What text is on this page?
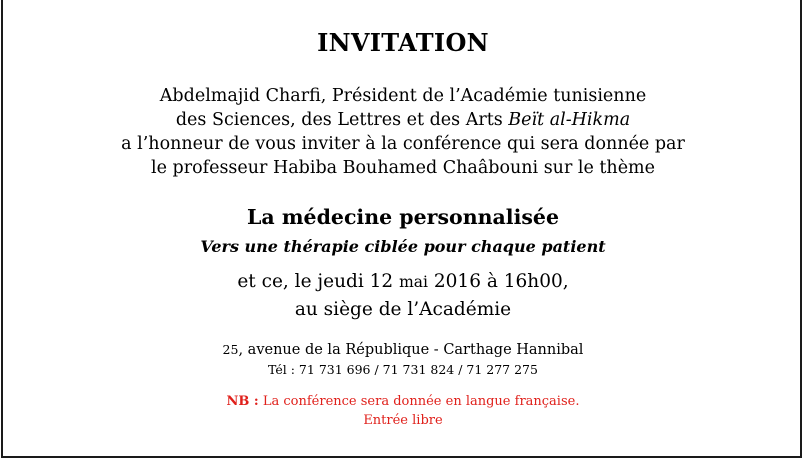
INVITATION
Abdelmajid Charfi, Président de l’Académie tunisienne
des Sciences, des Lettres et des Arts Beït al-Hikma
a l’honneur de vous inviter à la conférence qui sera donnée par
le professeur Habiba Bouhamed Chaâbouni sur le thème
La médecine personnalisée
Vers une thérapie ciblée pour chaque patient
et ce, le jeudi 12 mai 2016 à 16h00,
au siège de l’Académie
25, avenue de la République - Carthage Hannibal
Tél : 71 731 696 / 71 731 824 / 71 277 275
NB : La conférence sera donnée en langue française.
Entrée libre
